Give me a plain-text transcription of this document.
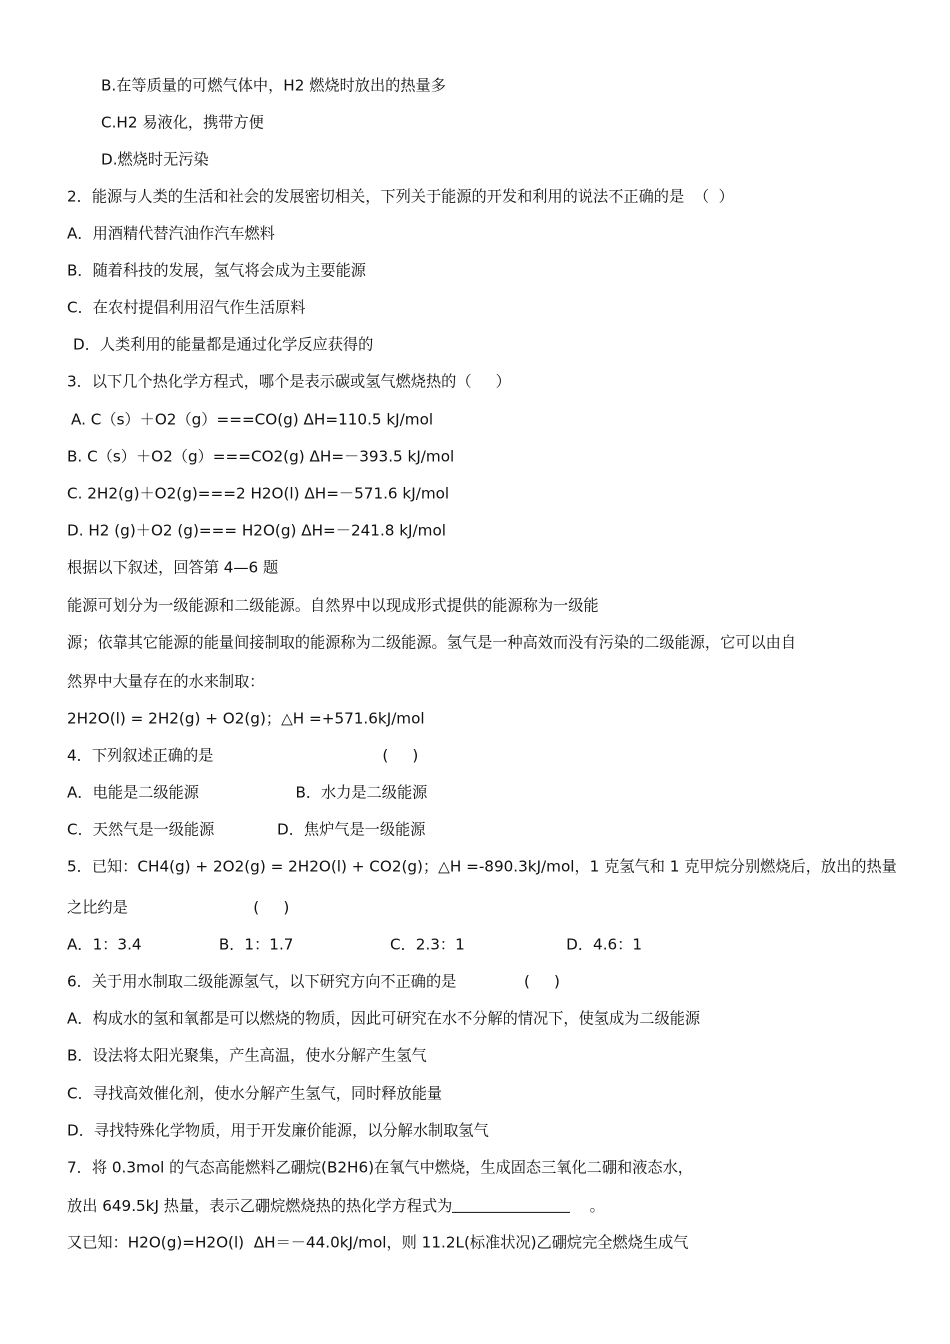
B.在等质量的可燃气体中，H2 燃烧时放出的热量多
C.H2 易液化，携带方便
D.燃烧时无污染
2．能源与人类的生活和社会的发展密切相关，下列关于能源的开发和利用的说法不正确的是  （  ）
A．用酒精代替汽油作汽车燃料
B．随着科技的发展，氢气将会成为主要能源
C．在农村提倡利用沼气作生活原料
D．人类利用的能量都是通过化学反应获得的
3．以下几个热化学方程式，哪个是表示碳或氢气燃烧热的（     ）
A. C（s）＋O2（g）===CO(g) ΔH=110.5 kJ/mol
B. C（s）＋O2（g）===CO2(g) ΔH=－393.5 kJ/mol
C. 2H2(g)＋O2(g)===2 H2O(l) ΔH=－571.6 kJ/mol
D. H2 (g)＋O2 (g)=== H2O(g) ΔH=－241.8 kJ/mol
根据以下叙述，回答第 4—6 题
能源可划分为一级能源和二级能源。自然界中以现成形式提供的能源称为一级能
源；依靠其它能源的能量间接制取的能源称为二级能源。氢气是一种高效而没有污染的二级能源，它可以由自
然界中大量存在的水来制取：
2H2O(l) = 2H2(g) + O2(g)；△H =+571.6kJ/mol
4．下列叙述正确的是                                   (     )
A．电能是二级能源                    B．水力是二级能源
C．天然气是一级能源             D．焦炉气是一级能源
5．已知：CH4(g) + 2O2(g) = 2H2O(l) + CO2(g)；△H =-890.3kJ/mol，1 克氢气和 1 克甲烷分别燃烧后，放出的热量
之比约是                          (     )
A．1：3.4                B．1：1.7                    C．2.3：1                     D．4.6：1
6．关于用水制取二级能源氢气，以下研究方向不正确的是              (     )
A．构成水的氢和氧都是可以燃烧的物质，因此可研究在水不分解的情况下，使氢成为二级能源
B．设法将太阳光聚集，产生高温，使水分解产生氢气
C．寻找高效催化剂，使水分解产生氢气，同时释放能量
D．寻找特殊化学物质，用于开发廉价能源，以分解水制取氢气
7．将 0.3mol 的气态高能燃料乙硼烷(B2H6)在氧气中燃烧，生成固态三氧化二硼和液态水，
放出 649.5kJ 热量，表示乙硼烷燃烧热的热化学方程式为	。
又已知：H2O(g)=H2O(l)  ΔH＝－44.0kJ/mol，则 11.2L(标准状况)乙硼烷完全燃烧生成气
